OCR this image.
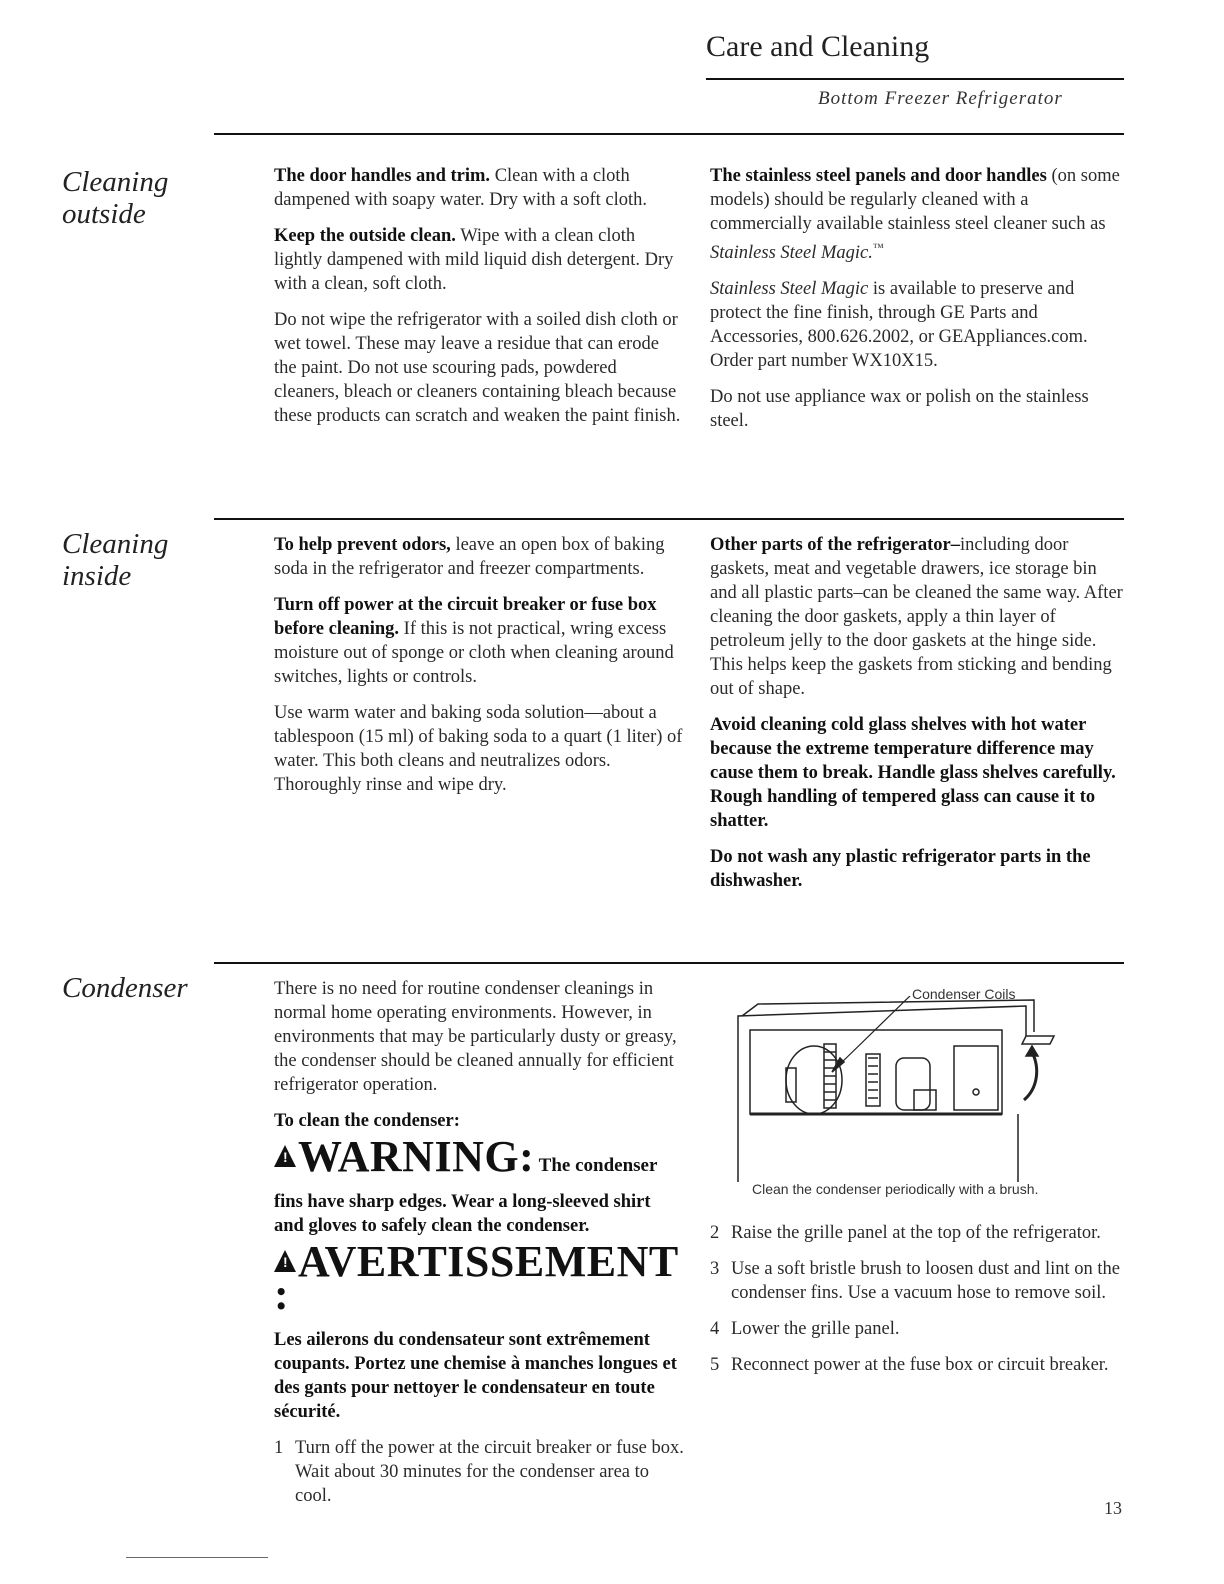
Care and Cleaning
Bottom Freezer Refrigerator
Cleaning
outside

The door handles and trim. Clean with a cloth dampened with soapy water. Dry with a soft cloth.

Keep the outside clean. Wipe with a clean cloth lightly dampened with mild liquid dish detergent. Dry with a clean, soft cloth.

Do not wipe the refrigerator with a soiled dish cloth or wet towel. These may leave a residue that can erode the paint. Do not use scouring pads, powdered cleaners, bleach or cleaners containing bleach because these products can scratch and weaken the paint finish.

The stainless steel panels and door handles (on some models) should be regularly cleaned with a commercially available stainless steel cleaner such as Stainless Steel Magic.™

Stainless Steel Magic is available to preserve and protect the fine finish, through GE Parts and Accessories, 800.626.2002, or GEAppliances.com. Order part number WX10X15.

Do not use appliance wax or polish on the stainless steel.

Cleaning
inside

To help prevent odors, leave an open box of baking soda in the refrigerator and freezer compartments.

Turn off power at the circuit breaker or fuse box before cleaning. If this is not practical, wring excess moisture out of sponge or cloth when cleaning around switches, lights or controls.

Use warm water and baking soda solution—about a tablespoon (15 ml) of baking soda to a quart (1 liter) of water. This both cleans and neutralizes odors. Thoroughly rinse and wipe dry.

Other parts of the refrigerator–including door gaskets, meat and vegetable drawers, ice storage bin and all plastic parts–can be cleaned the same way. After cleaning the door gaskets, apply a thin layer of petroleum jelly to the door gaskets at the hinge side. This helps keep the gaskets from sticking and bending out of shape.

Avoid cleaning cold glass shelves with hot water because the extreme temperature difference may cause them to break. Handle glass shelves carefully. Rough handling of tempered glass can cause it to shatter.

Do not wash any plastic refrigerator parts in the dishwasher.

Condenser	There is no need for routine condenser cleanings in normal home operating environments. However, in environments that may be particularly dusty or greasy, the condenser should be cleaned annually for efficient refrigerator operation.

To clean the condenser:

! WARNING: The condenser

fins have sharp edges. Wear a long-sleeved shirt and gloves to safely clean the condenser.

! AVERTISSEMENT :

Les ailerons du condensateur sont extrêmement coupants. Portez une chemise à manches longues et des gants pour nettoyer le condensateur en toute sécurité.

1 Turn off the power at the circuit breaker or fuse box. Wait about 30 minutes for the condenser area to cool.
Condenser Coils
Clean the condenser periodically with a brush.
2 Raise the grille panel at the top of the refrigerator.
3 Use a soft bristle brush to loosen dust and lint on the condenser fins. Use a vacuum hose to remove soil.
4 Lower the grille panel.
5 Reconnect power at the fuse box or circuit breaker.
13
